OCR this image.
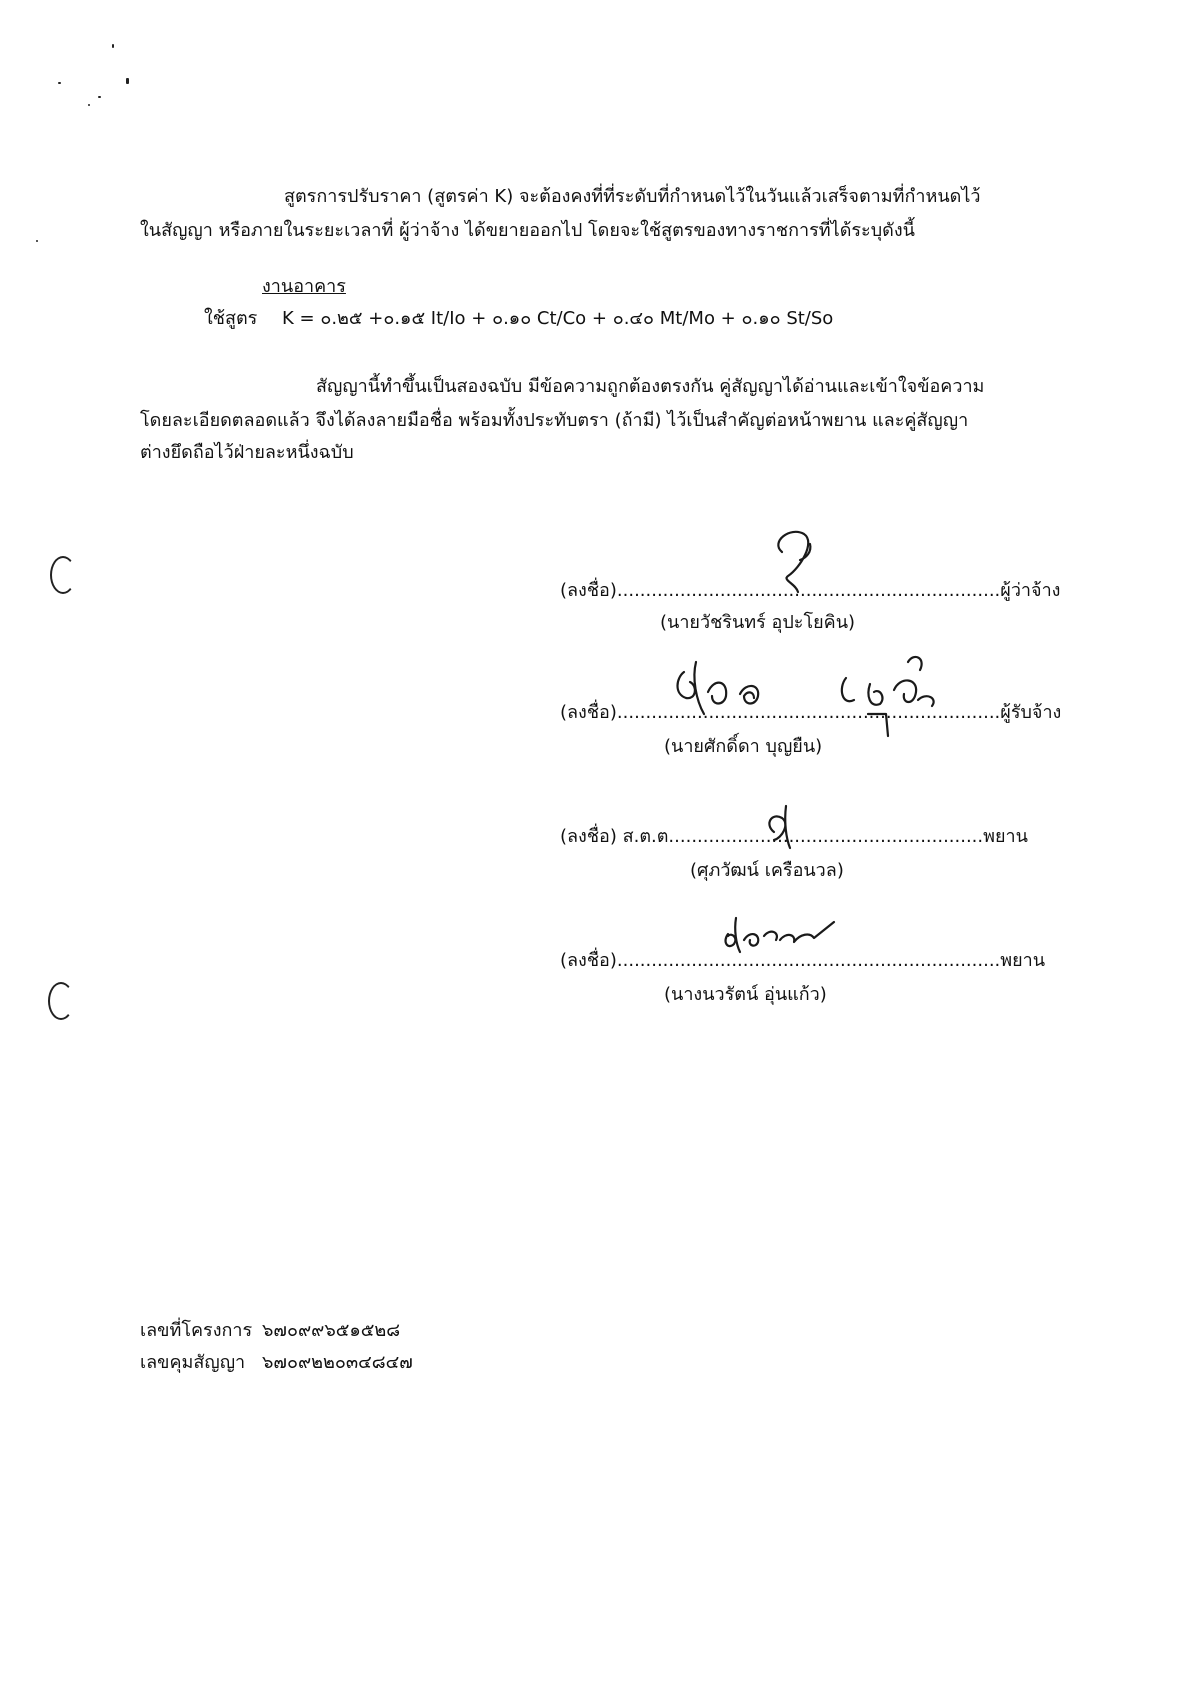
สูตรการปรับราคา (สูตรค่า K) จะต้องคงที่ที่ระดับที่กำหนดไว้ในวันแล้วเสร็จตามที่กำหนดไว้
ในสัญญา หรือภายในระยะเวลาที่ ผู้ว่าจ้าง ได้ขยายออกไป โดยจะใช้สูตรของทางราชการที่ได้ระบุดังนี้
งานอาคาร
ใช้สูตร K = ๐.๒๕ +๐.๑๕ It/Io + ๐.๑๐ Ct/Co + ๐.๔๐ Mt/Mo + ๐.๑๐ St/So
สัญญานี้ทำขึ้นเป็นสองฉบับ มีข้อความถูกต้องตรงกัน คู่สัญญาได้อ่านและเข้าใจข้อความ
โดยละเอียดตลอดแล้ว จึงได้ลงลายมือชื่อ พร้อมทั้งประทับตรา (ถ้ามี) ไว้เป็นสำคัญต่อหน้าพยาน และคู่สัญญา
ต่างยึดถือไว้ฝ่ายละหนึ่งฉบับ
(ลงชื่อ)...................................................................ผู้ว่าจ้าง
(นายวัชรินทร์ อุปะโยคิน)
(ลงชื่อ)...................................................................ผู้รับจ้าง
(นายศักดิ์ดา บุญยืน)
(ลงชื่อ) ส.ต.ต.......................................................พยาน
(ศุภวัฒน์ เครือนวล)
(ลงชื่อ)...................................................................พยาน
(นางนวรัตน์ อุ่นแก้ว)
เลขที่โครงการ ๖๗๐๙๙๖๕๑๕๒๘
เลขคุมสัญญา ๖๗๐๙๒๒๐๓๔๘๔๗
